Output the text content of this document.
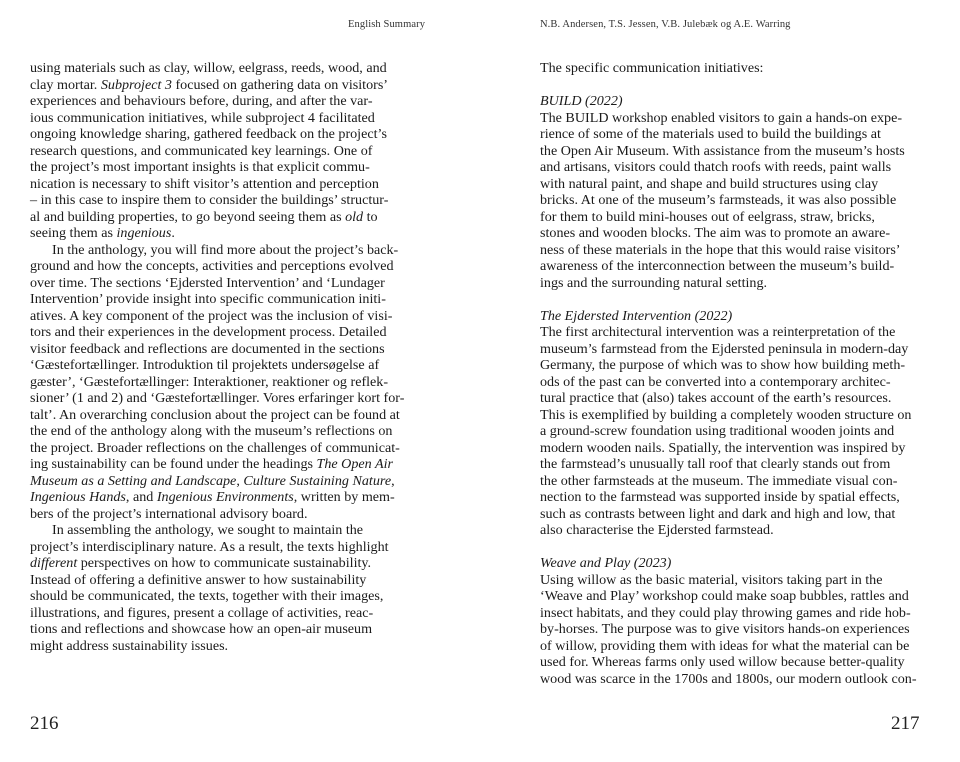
English Summary	N.B. Andersen, T.S. Jessen, V.B. Julebæk og A.E. Warring
using materials such as clay, willow, eelgrass, reeds, wood, and
clay mortar. Subproject 3 focused on gathering data on visitors’
experiences and behaviours before, during, and after the var-
ious communication initiatives, while subproject 4 facilitated
ongoing knowledge sharing, gathered feedback on the project’s
research questions, and communicated key learnings. One of
the project’s most important insights is that explicit commu-
nication is necessary to shift visitor’s attention and perception
– in this case to inspire them to consider the buildings’ structur-
al and building properties, to go beyond seeing them as old to
seeing them as ingenious.
In the anthology, you will find more about the project’s back-
ground and how the concepts, activities and perceptions evolved
over time. The sections ‘Ejdersted Intervention’ and ‘Lundager
Intervention’ provide insight into specific communication initi-
atives. A key component of the project was the inclusion of visi-
tors and their experiences in the development process. Detailed
visitor feedback and reflections are documented in the sections
‘Gæstefortællinger. Introduktion til projektets undersøgelse af
gæster’, ‘Gæstefortællinger: Interaktioner, reaktioner og reflek-
sioner’ (1 and 2) and ‘Gæstefortællinger. Vores erfaringer kort for-
talt’. An overarching conclusion about the project can be found at
the end of the anthology along with the museum’s reflections on
the project. Broader reflections on the challenges of communicat-
ing sustainability can be found under the headings The Open Air
Museum as a Setting and Landscape, Culture Sustaining Nature,
Ingenious Hands, and Ingenious Environments, written by mem-
bers of the project’s international advisory board.
In assembling the anthology, we sought to maintain the
project’s interdisciplinary nature. As a result, the texts highlight
different perspectives on how to communicate sustainability.
Instead of offering a definitive answer to how sustainability
should be communicated, the texts, together with their images,
illustrations, and figures, present a collage of activities, reac-
tions and reflections and showcase how an open-air museum
might address sustainability issues.
The specific communication initiatives:
BUILD (2022)
The BUILD workshop enabled visitors to gain a hands-on expe-
rience of some of the materials used to build the buildings at
the Open Air Museum. With assistance from the museum’s hosts
and artisans, visitors could thatch roofs with reeds, paint walls
with natural paint, and shape and build structures using clay
bricks. At one of the museum’s farmsteads, it was also possible
for them to build mini-houses out of eelgrass, straw, bricks,
stones and wooden blocks. The aim was to promote an aware-
ness of these materials in the hope that this would raise visitors’
awareness of the interconnection between the museum’s build-
ings and the surrounding natural setting.
The Ejdersted Intervention (2022)
The first architectural intervention was a reinterpretation of the
museum’s farmstead from the Ejdersted peninsula in modern-day
Germany, the purpose of which was to show how building meth-
ods of the past can be converted into a contemporary architec-
tural practice that (also) takes account of the earth’s resources.
This is exemplified by building a completely wooden structure on
a ground-screw foundation using traditional wooden joints and
modern wooden nails. Spatially, the intervention was inspired by
the farmstead’s unusually tall roof that clearly stands out from
the other farmsteads at the museum. The immediate visual con-
nection to the farmstead was supported inside by spatial effects,
such as contrasts between light and dark and high and low, that
also characterise the Ejdersted farmstead.
Weave and Play (2023)
Using willow as the basic material, visitors taking part in the
‘Weave and Play’ workshop could make soap bubbles, rattles and
insect habitats, and they could play throwing games and ride hob-
by-horses. The purpose was to give visitors hands-on experiences
of willow, providing them with ideas for what the material can be
used for. Whereas farms only used willow because better-quality
wood was scarce in the 1700s and 1800s, our modern outlook con-
216	217
